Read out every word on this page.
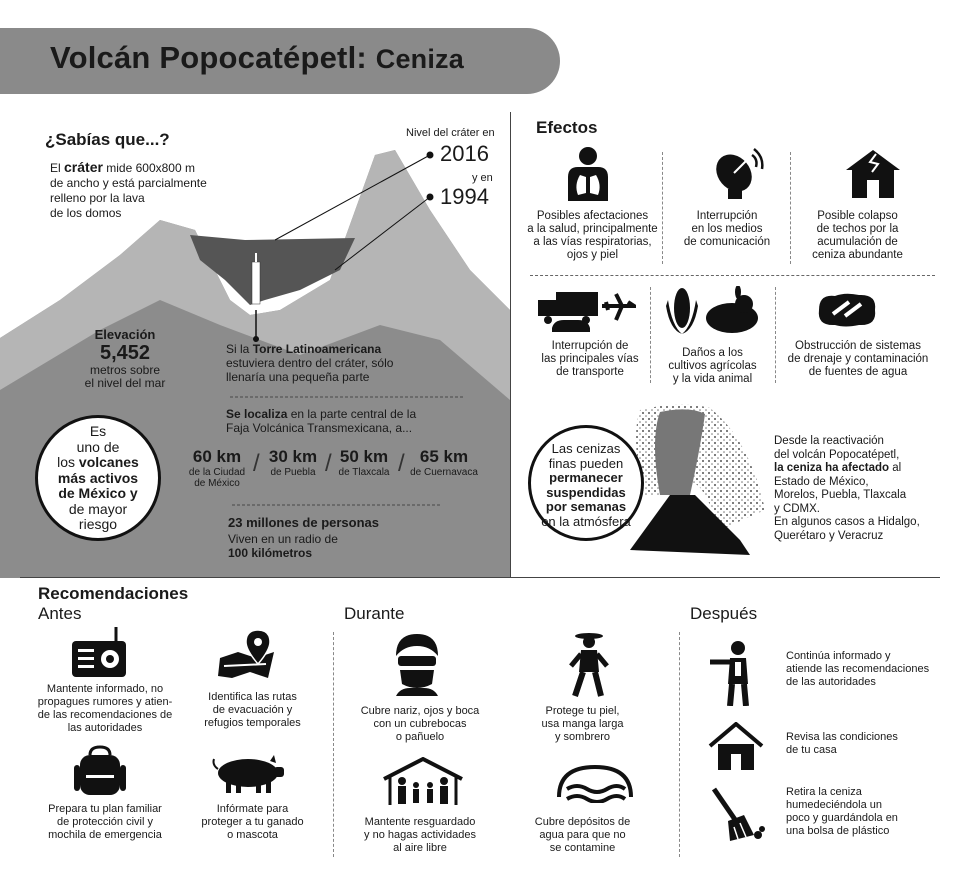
Volcán Popocatépetl: Ceniza
¿Sabías que...?
El cráter mide 600x800 m
de ancho y está parcialmente
relleno por la lava
de los domos
Nivel del cráter en
2016
y en
1994
Elevación
5,452
metros sobre
el nivel del mar
Si la Torre Latinoamericana
estuviera dentro del cráter, sólo
llenaría una pequeña parte
Se localiza en la parte central de la
Faja Volcánica Transmexicana, a...
60 km
de la Ciudad
de México
/ 30 km
de Puebla / 50 km
de Tlaxcala / 65 km
de Cuernavaca
Es
uno de
los volcanes
más activos
de México y
de mayor
riesgo	23 millones de personas
Viven en un radio de
100 kilómetros
Efectos
Posibles afectaciones
a la salud, principalmente
a las vías respiratorias,
ojos y piel
Interrupción
en los medios
de comunicación
Posible colapso
de techos por la
acumulación de
ceniza abundante
Interrupción de
las principales vías
de transporte
Daños a los
cultivos agrícolas
y la vida animal
Obstrucción de sistemas
de drenaje y contaminación
de fuentes de agua
Las cenizas
finas pueden
permanecer
suspendidas
por semanas
en la atmósfera
Desde la reactivación
del volcán Popocatépetl,
la ceniza ha afectado al
Estado de México,
Morelos, Puebla, Tlaxcala
y CDMX.
En algunos casos a Hidalgo,
Querétaro y Veracruz
Recomendaciones
Antes	Durante	Después
Mantente informado, no
propagues rumores y atien-
de las recomendaciones de
las autoridades
Identifica las rutas
de evacuación y
refugios temporales
Prepara tu plan familiar
de protección civil y
mochila de emergencia
Infórmate para
proteger a tu ganado
o mascota
Cubre nariz, ojos y boca
con un cubrebocas
o pañuelo
Protege tu piel,
usa manga larga
y sombrero
Mantente resguardado
y no hagas actividades
al aire libre
Cubre depósitos de
agua para que no
se contamine
Continúa informado y
atiende las recomendaciones
de las autoridades
Revisa las condiciones
de tu casa
Retira la ceniza
humedeciéndola un
poco y guardándola en
una bolsa de plástico
